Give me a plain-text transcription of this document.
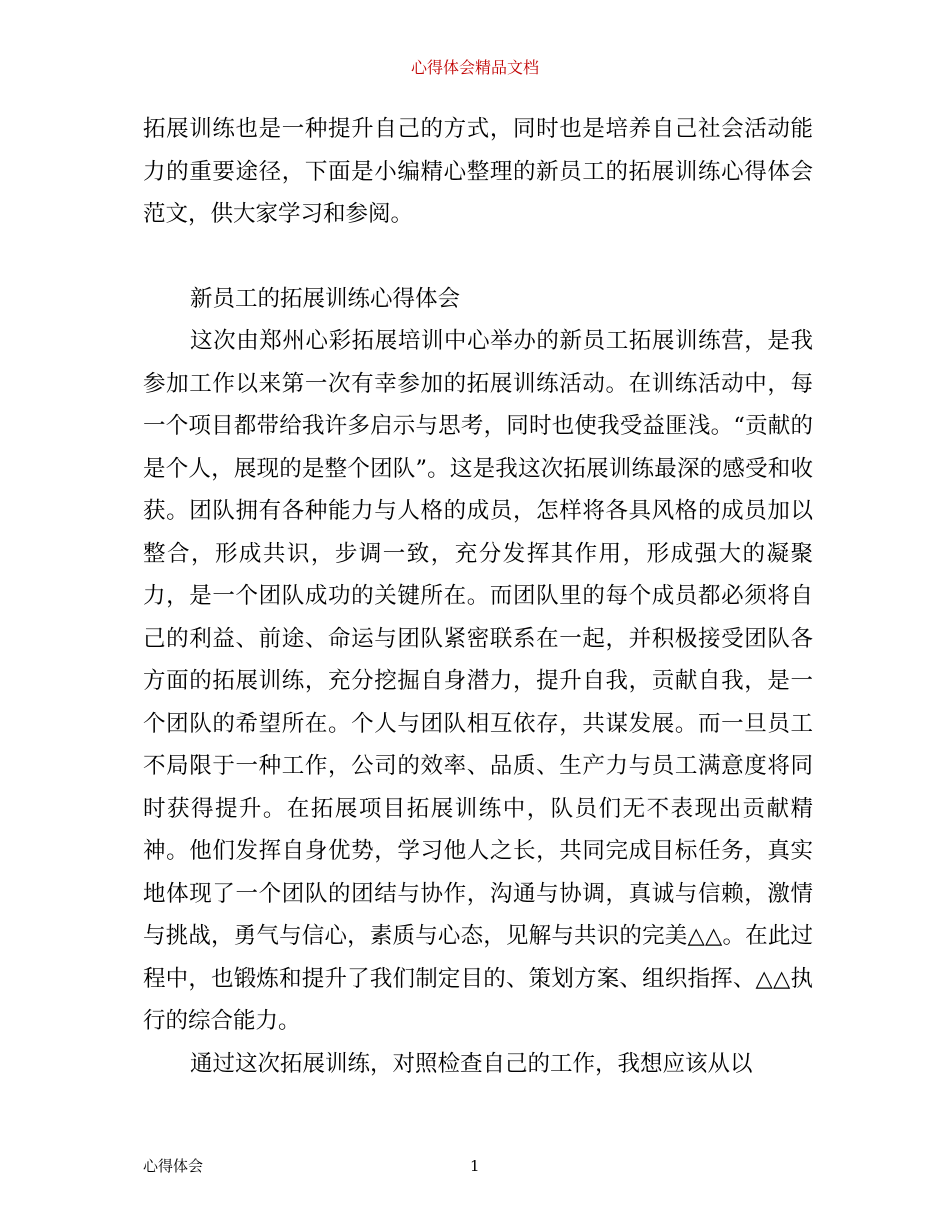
心得体会精品文档

拓展训练也是一种提升自己的方式，同时也是培养自己社会活动能力的重要途径，下面是小编精心整理的新员工的拓展训练心得体会范文，供大家学习和参阅。

新员工的拓展训练心得体会

这次由郑州心彩拓展培训中心举办的新员工拓展训练营，是我参加工作以来第一次有幸参加的拓展训练活动。在训练活动中，每一个项目都带给我许多启示与思考，同时也使我受益匪浅。“贡献的是个人，展现的是整个团队”。这是我这次拓展训练最深的感受和收获。团队拥有各种能力与人格的成员，怎样将各具风格的成员加以整合，形成共识，步调一致，充分发挥其作用，形成强大的凝聚力，是一个团队成功的关键所在。而团队里的每个成员都必须将自己的利益、前途、命运与团队紧密联系在一起，并积极接受团队各方面的拓展训练，充分挖掘自身潜力，提升自我，贡献自我，是一个团队的希望所在。个人与团队相互依存，共谋发展。而一旦员工不局限于一种工作，公司的效率、品质、生产力与员工满意度将同时获得提升。在拓展项目拓展训练中，队员们无不表现出贡献精神。他们发挥自身优势，学习他人之长，共同完成目标任务，真实地体现了一个团队的团结与协作，沟通与协调，真诚与信赖，激情与挑战，勇气与信心，素质与心态，见解与共识的完美△△。在此过程中，也锻炼和提升了我们制定目的、策划方案、组织指挥、△△执行的综合能力。

通过这次拓展训练，对照检查自己的工作，我想应该从以

心得体会	1
